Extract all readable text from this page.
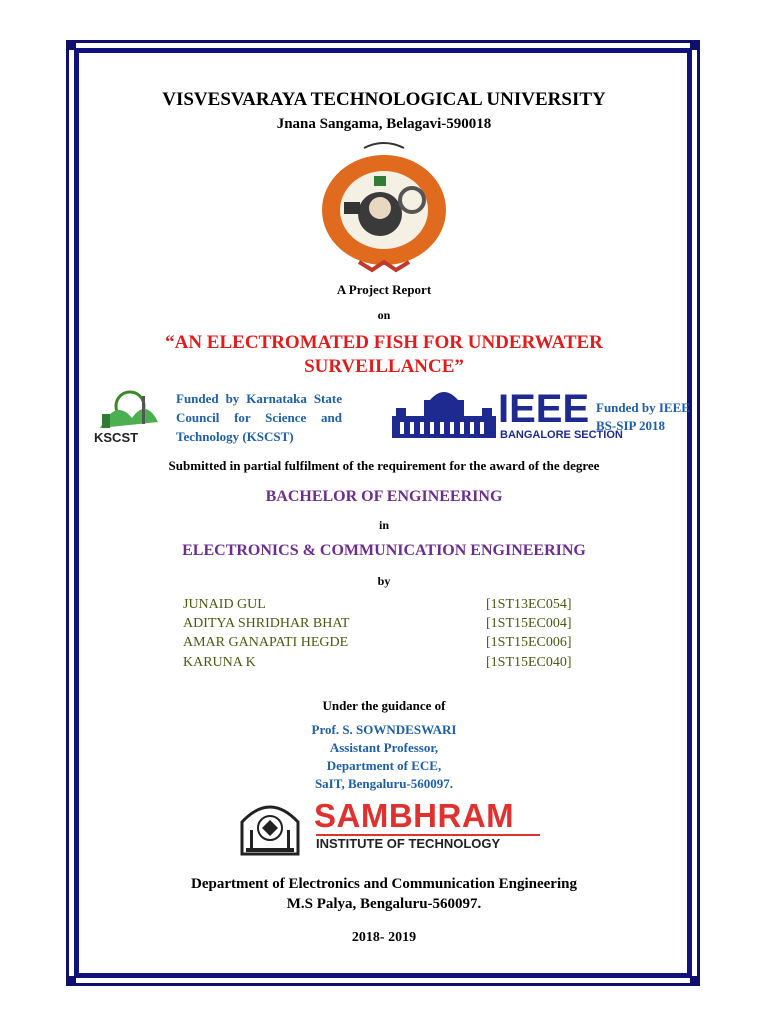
VISVESVARAYA TECHNOLOGICAL UNIVERSITY
Jnana Sangama, Belagavi-590018
A Project Report
on
“AN ELECTROMATED FISH FOR UNDERWATER
SURVEILLANCE”
KSCST
Funded by Karnataka State Council for Science and Technology (KSCST)
IEEE
BANGALORE SECTION
Funded by IEEE
BS-SIP 2018
Submitted in partial fulfilment of the requirement for the award of the degree
BACHELOR OF ENGINEERING
in
ELECTRONICS & COMMUNICATION ENGINEERING
by
JUNAID GUL	[1ST13EC054]
ADITYA SHRIDHAR BHAT	[1ST15EC004]
AMAR GANAPATI HEGDE	[1ST15EC006]
KARUNA K	[1ST15EC040]
Under the guidance of
Prof. S. SOWNDESWARI
Assistant Professor,
Department of ECE,
SaIT, Bengaluru-560097.
SAMBHRAM
INSTITUTE OF TECHNOLOGY
Department of Electronics and Communication Engineering
M.S Palya, Bengaluru-560097.
2018- 2019
